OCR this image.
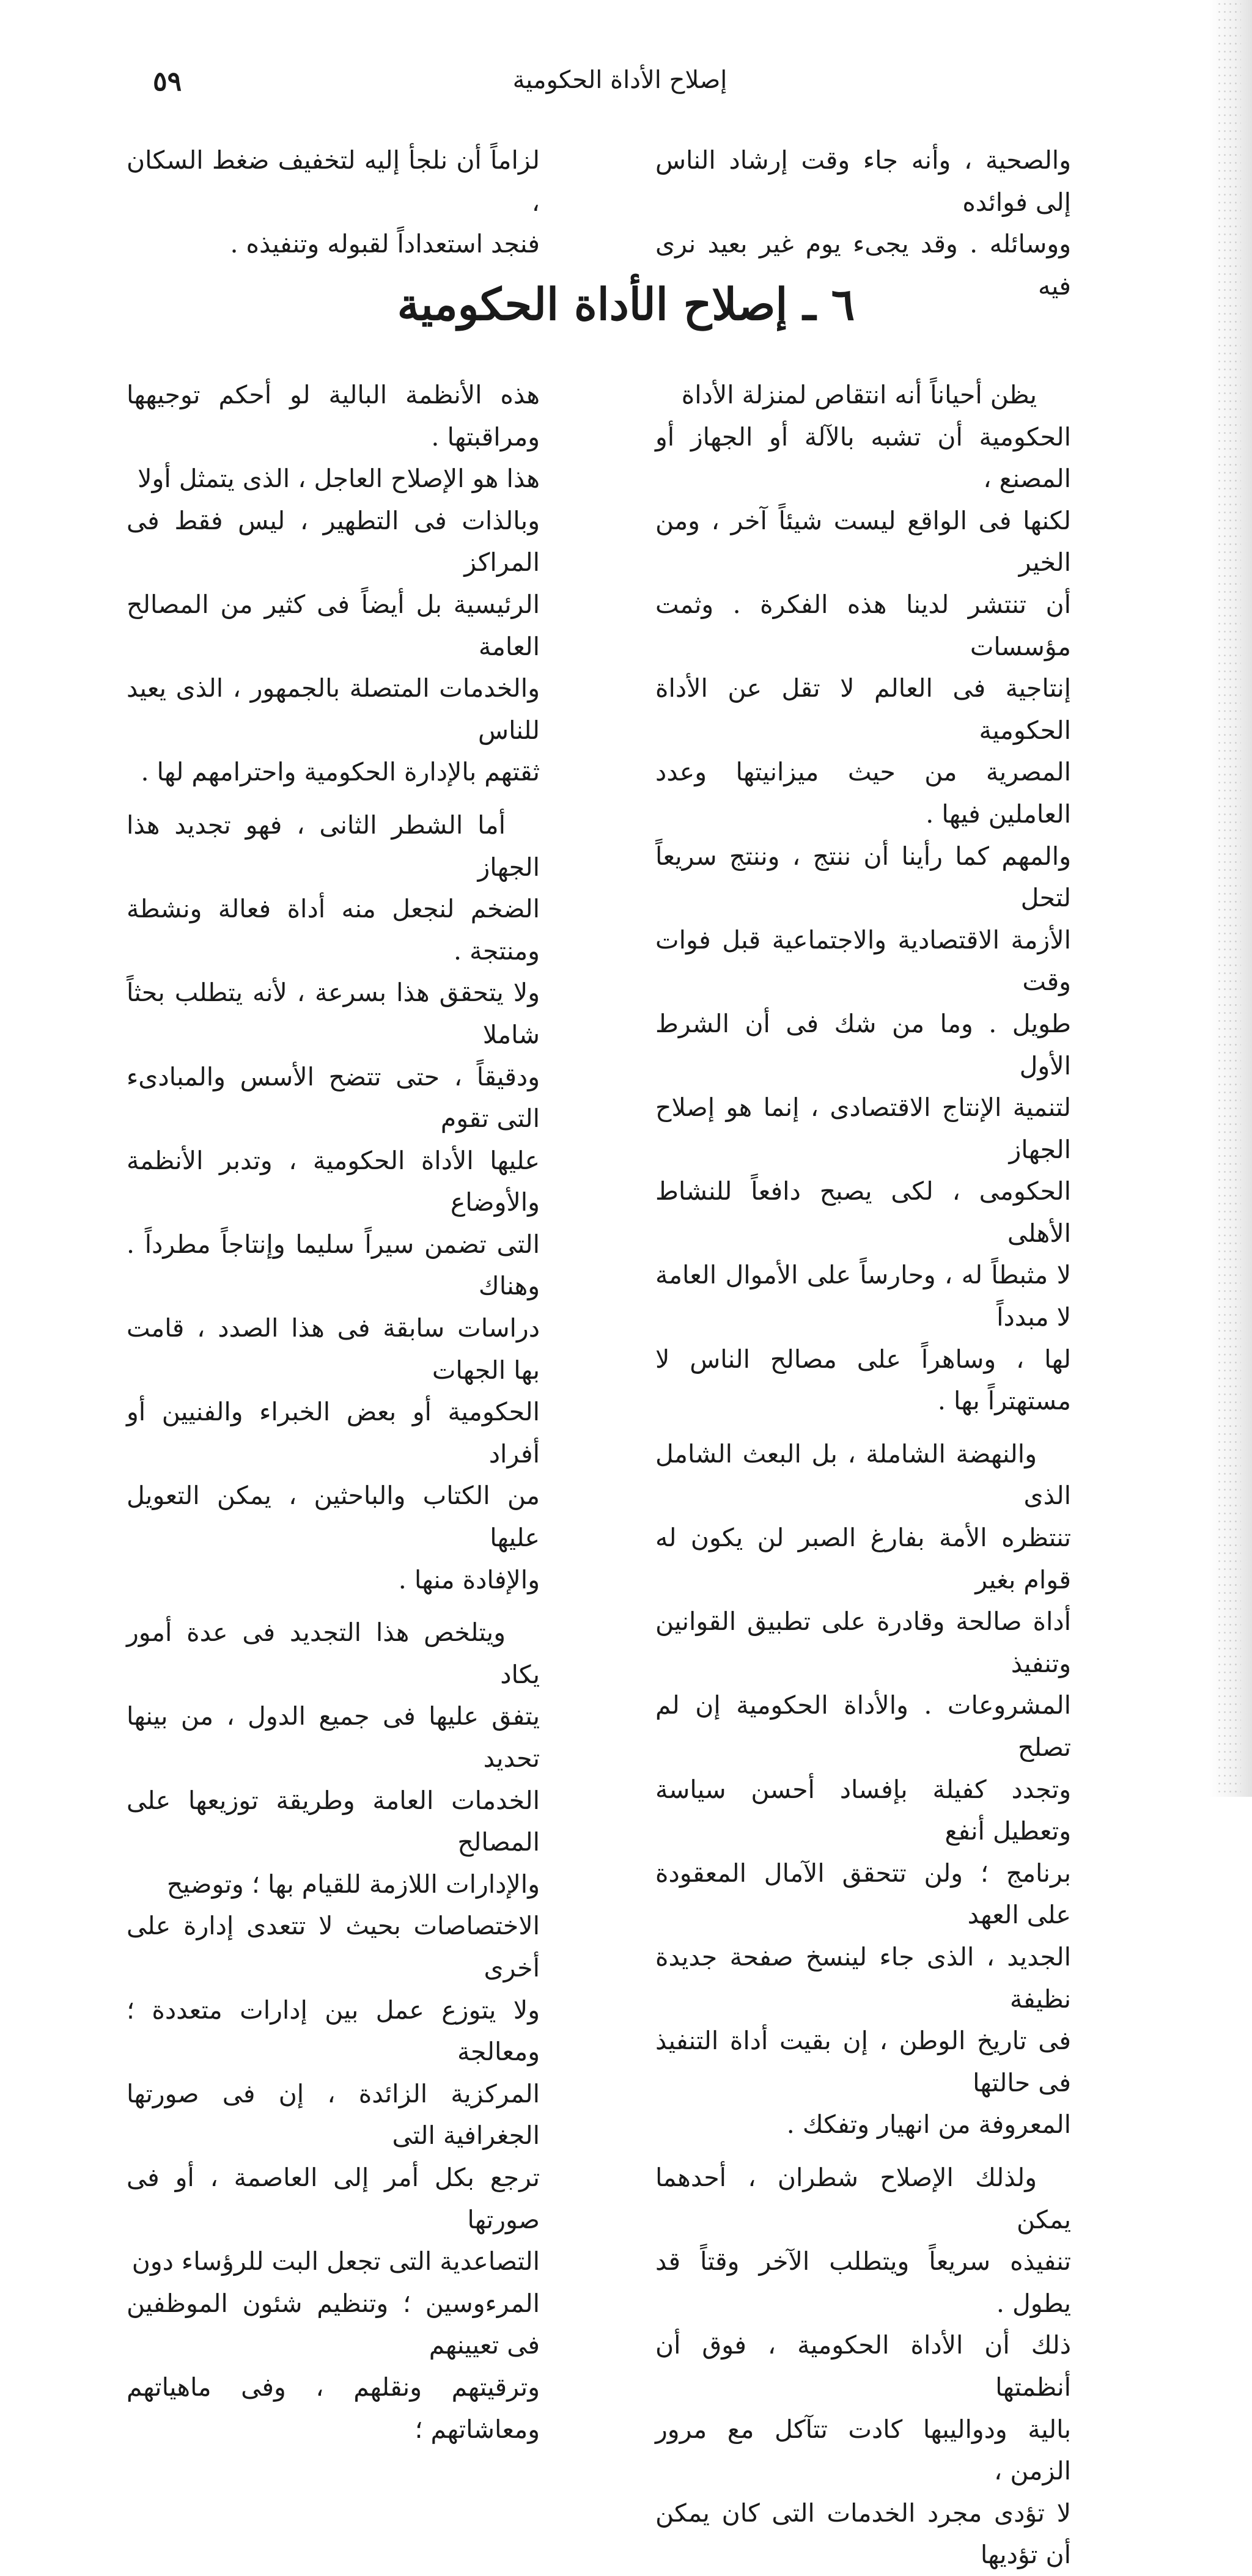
٥٩	إصلاح الأداة الحكومية

والصحية ، وأنه جاء وقت إرشاد الناس إلى فوائده

ووسائله . وقد يجىء يوم غير بعيد نرى فيه

لزاماً أن نلجأ إليه لتخفيف ضغط السكان ،

فنجد استعداداً لقبوله وتنفيذه .

٦ ـ إصلاح الأداة الحكومية

يظن أحياناً أنه انتقاص لمنزلة الأداة

الحكومية أن تشبه بالآلة أو الجهاز أو المصنع ،

لكنها فى الواقع ليست شيئاً آخر ، ومن الخير

أن تنتشر لدينا هذه الفكرة . وثمت مؤسسات

إنتاجية فى العالم لا تقل عن الأداة الحكومية

المصرية من حيث ميزانيتها وعدد العاملين فيها .

والمهم كما رأينا أن ننتج ، وننتج سريعاً لتحل

الأزمة الاقتصادية والاجتماعية قبل فوات وقت

طويل . وما من شك فى أن الشرط الأول

لتنمية الإنتاج الاقتصادى ، إنما هو إصلاح الجهاز

الحكومى ، لكى يصبح دافعاً للنشاط الأهلى

لا مثبطاً له ، وحارساً على الأموال العامة لا مبدداً

لها ، وساهراً على مصالح الناس لا مستهتراً بها .

والنهضة الشاملة ، بل البعث الشامل الذى

تنتظره الأمة بفارغ الصبر لن يكون له قوام بغير

أداة صالحة وقادرة على تطبيق القوانين وتنفيذ

المشروعات . والأداة الحكومية إن لم تصلح

وتجدد كفيلة بإفساد أحسن سياسة وتعطيل أنفع

برنامج ؛ ولن تتحقق الآمال المعقودة على العهد

الجديد ، الذى جاء لينسخ صفحة جديدة نظيفة

فى تاريخ الوطن ، إن بقيت أداة التنفيذ فى حالتها

المعروفة من انهيار وتفكك .

ولذلك الإصلاح شطران ، أحدهما يمكن

تنفيذه سريعاً ويتطلب الآخر وقتاً قد يطول .

ذلك أن الأداة الحكومية ، فوق أن أنظمتها

بالية ودواليبها كادت تتآكل مع مرور الزمن ،

لا تؤدى مجرد الخدمات التى كان يمكن أن تؤديها

هذه الأنظمة البالية لو أحكم توجيهها ومراقبتها .

هذا هو الإصلاح العاجل ، الذى يتمثل أولا

وبالذات فى التطهير ، ليس فقط فى المراكز

الرئيسية بل أيضاً فى كثير من المصالح العامة

والخدمات المتصلة بالجمهور ، الذى يعيد للناس

ثقتهم بالإدارة الحكومية واحترامهم لها .

أما الشطر الثانى ، فهو تجديد هذا الجهاز

الضخم لنجعل منه أداة فعالة ونشطة ومنتجة .

ولا يتحقق هذا بسرعة ، لأنه يتطلب بحثاً شاملا

ودقيقاً ، حتى تتضح الأسس والمبادىء التى تقوم

عليها الأداة الحكومية ، وتدبر الأنظمة والأوضاع

التى تضمن سيراً سليما وإنتاجاً مطرداً . وهناك

دراسات سابقة فى هذا الصدد ، قامت بها الجهات

الحكومية أو بعض الخبراء والفنيين أو أفراد

من الكتاب والباحثين ، يمكن التعويل عليها

والإفادة منها .

ويتلخص هذا التجديد فى عدة أمور يكاد

يتفق عليها فى جميع الدول ، من بينها تحديد

الخدمات العامة وطريقة توزيعها على المصالح

والإدارات اللازمة للقيام بها ؛ وتوضيح

الاختصاصات بحيث لا تتعدى إدارة على أخرى

ولا يتوزع عمل بين إدارات متعددة ؛ ومعالجة

المركزية الزائدة ، إن فى صورتها الجغرافية التى

ترجع بكل أمر إلى العاصمة ، أو فى صورتها

التصاعدية التى تجعل البت للرؤساء دون

المرءوسين ؛ وتنظيم شئون الموظفين فى تعيينهم

وترقيتهم ونقلهم ، وفى ماهياتهم ومعاشاتهم ؛
